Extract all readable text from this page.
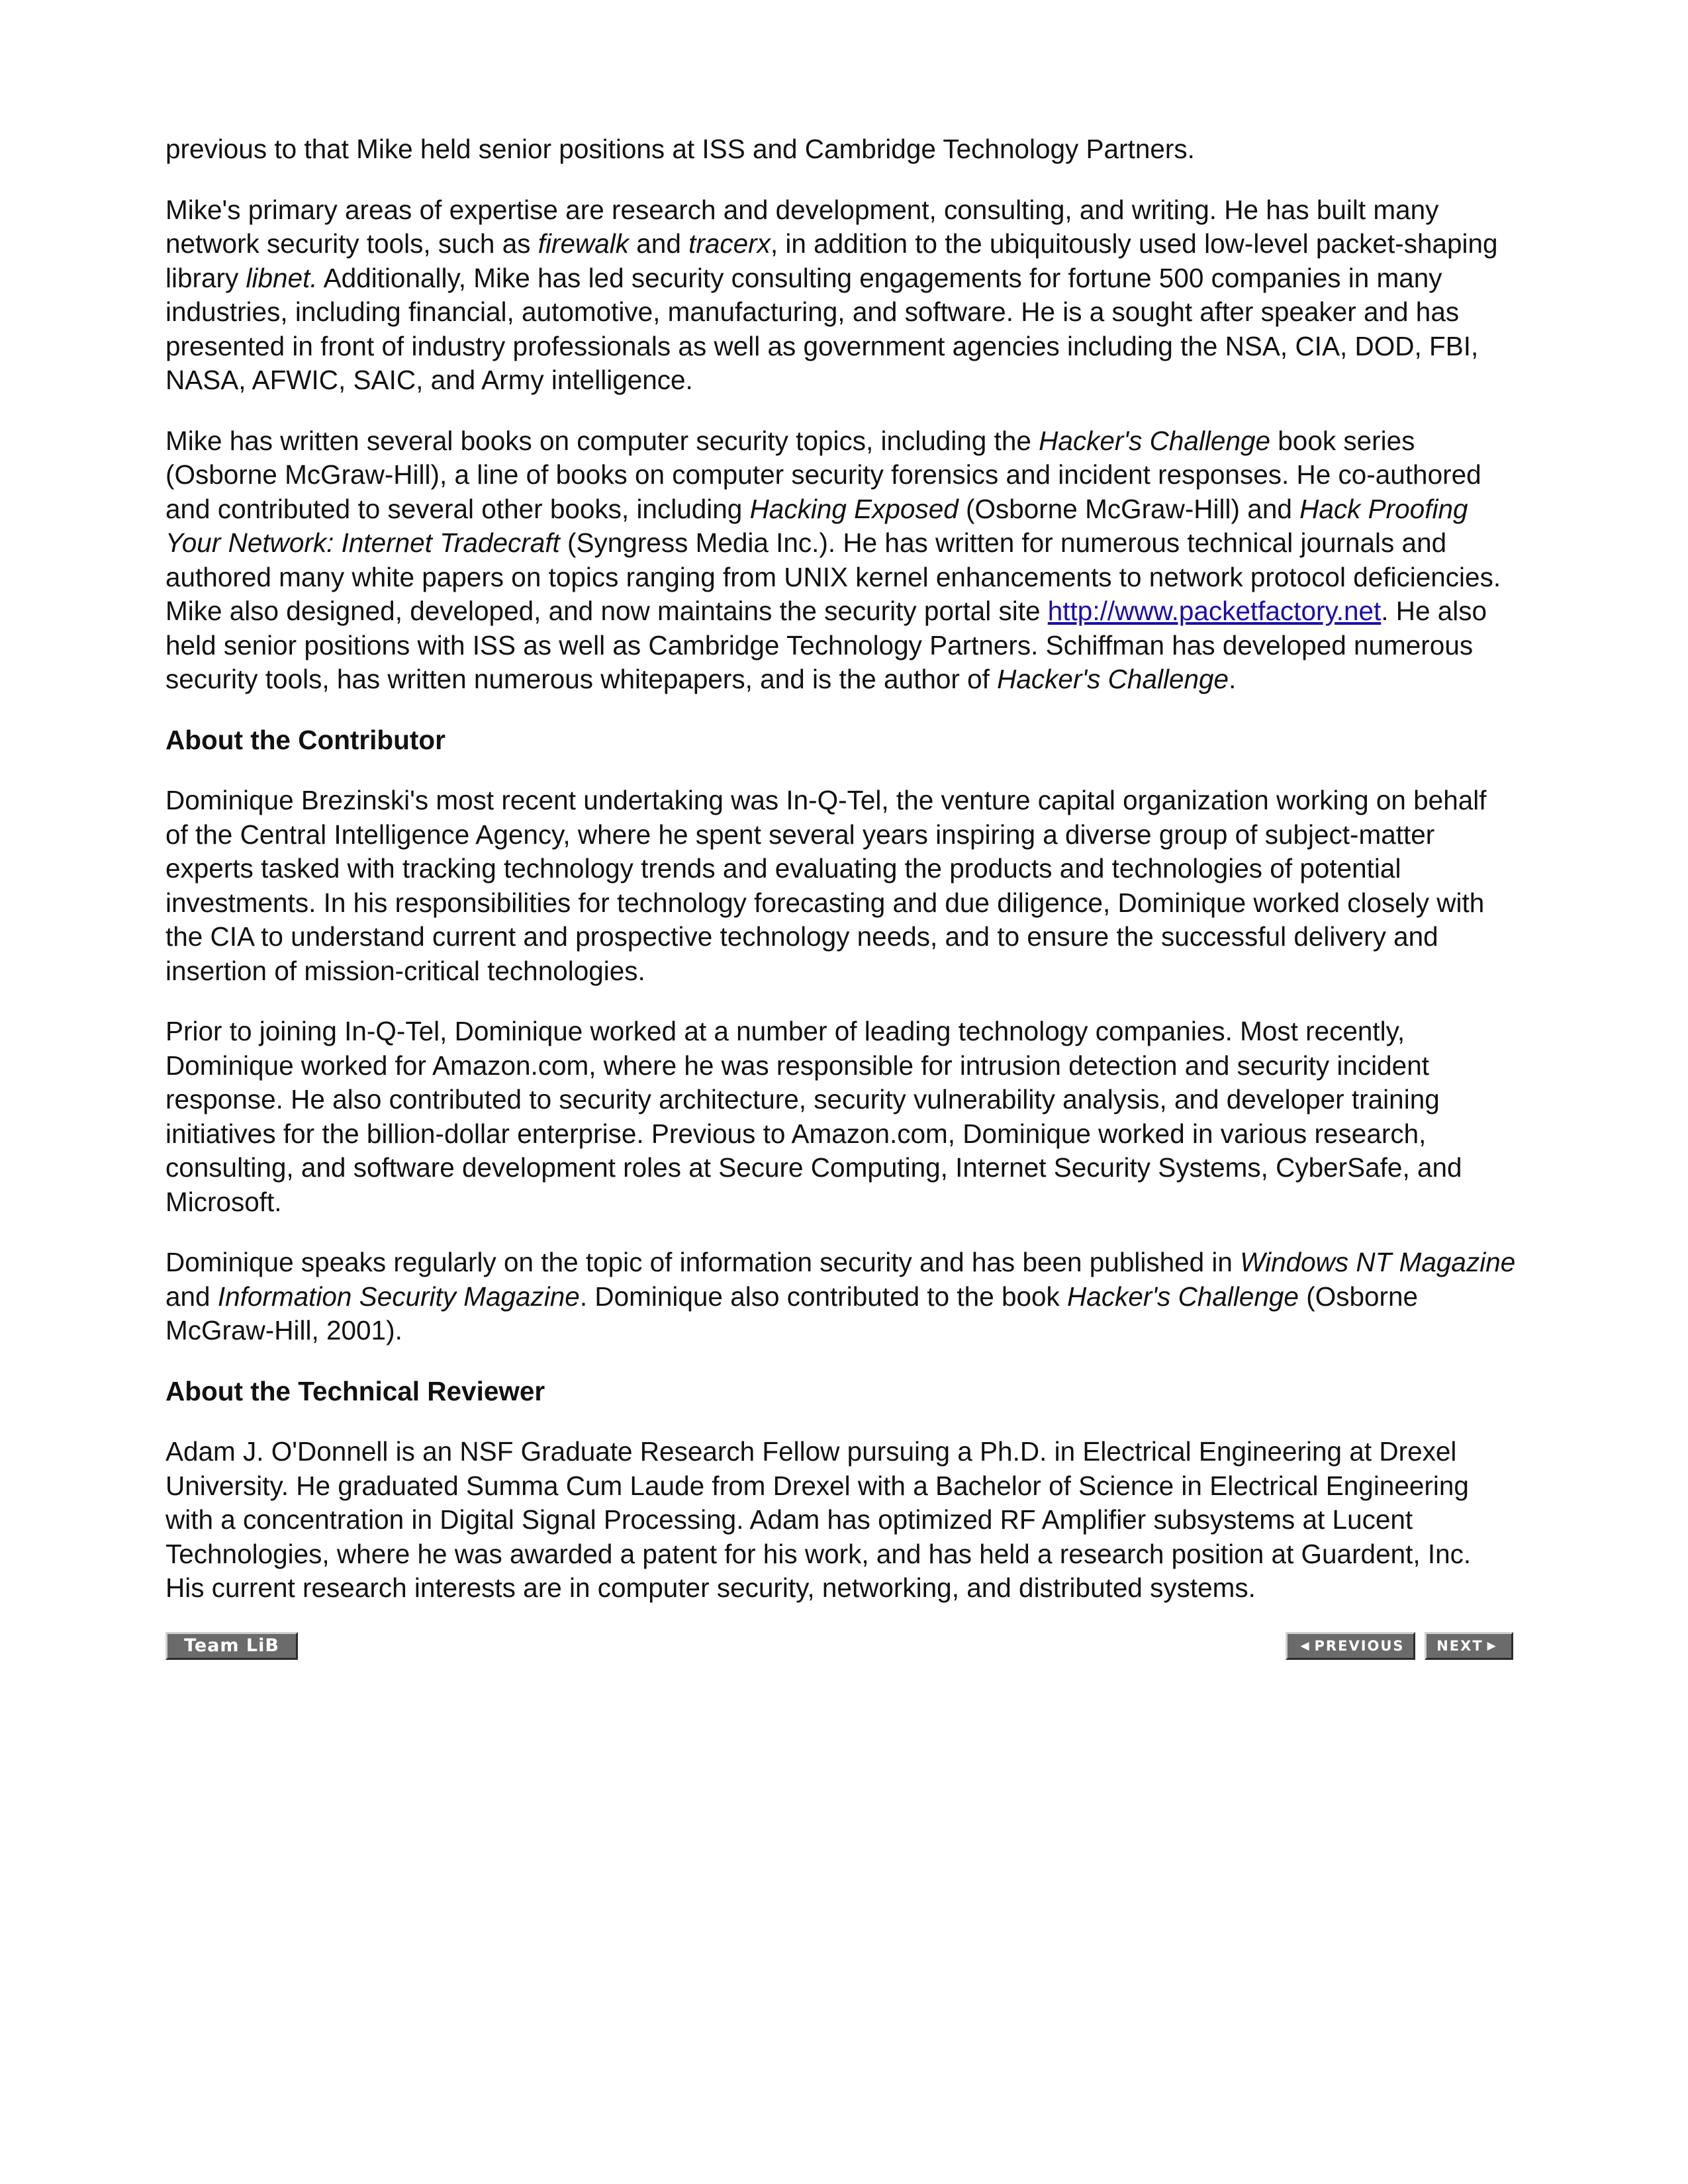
previous to that Mike held senior positions at ISS and Cambridge Technology Partners.

Mike's primary areas of expertise are research and development, consulting, and writing. He has built many network security tools, such as firewalk and tracerx, in addition to the ubiquitously used low-level packet-shaping library libnet. Additionally, Mike has led security consulting engagements for fortune 500 companies in many industries, including financial, automotive, manufacturing, and software. He is a sought after speaker and has presented in front of industry professionals as well as government agencies including the NSA, CIA, DOD, FBI, NASA, AFWIC, SAIC, and Army intelligence.

Mike has written several books on computer security topics, including the Hacker's Challenge book series (Osborne McGraw-Hill), a line of books on computer security forensics and incident responses. He co-authored and contributed to several other books, including Hacking Exposed (Osborne McGraw-Hill) and Hack Proofing Your Network: Internet Tradecraft (Syngress Media Inc.). He has written for numerous technical journals and authored many white papers on topics ranging from UNIX kernel enhancements to network protocol deficiencies. Mike also designed, developed, and now maintains the security portal site http://www.packetfactory.net. He also held senior positions with ISS as well as Cambridge Technology Partners. Schiffman has developed numerous security tools, has written numerous whitepapers, and is the author of Hacker's Challenge.

About the Contributor

Dominique Brezinski's most recent undertaking was In-Q-Tel, the venture capital organization working on behalf of the Central Intelligence Agency, where he spent several years inspiring a diverse group of subject-matter experts tasked with tracking technology trends and evaluating the products and technologies of potential investments. In his responsibilities for technology forecasting and due diligence, Dominique worked closely with the CIA to understand current and prospective technology needs, and to ensure the successful delivery and insertion of mission-critical technologies.

Prior to joining In-Q-Tel, Dominique worked at a number of leading technology companies. Most recently, Dominique worked for Amazon.com, where he was responsible for intrusion detection and security incident response. He also contributed to security architecture, security vulnerability analysis, and developer training initiatives for the billion-dollar enterprise. Previous to Amazon.com, Dominique worked in various research, consulting, and software development roles at Secure Computing, Internet Security Systems, CyberSafe, and Microsoft.

Dominique speaks regularly on the topic of information security and has been published in Windows NT Magazine and Information Security Magazine. Dominique also contributed to the book Hacker's Challenge (Osborne McGraw-Hill, 2001).

About the Technical Reviewer

Adam J. O'Donnell is an NSF Graduate Research Fellow pursuing a Ph.D. in Electrical Engineering at Drexel University. He graduated Summa Cum Laude from Drexel with a Bachelor of Science in Electrical Engineering with a concentration in Digital Signal Processing. Adam has optimized RF Amplifier subsystems at Lucent Technologies, where he was awarded a patent for his work, and has held a research position at Guardent, Inc. His current research interests are in computer security, networking, and distributed systems.

Team LiB	◀ PREVIOUS NEXT ▶
